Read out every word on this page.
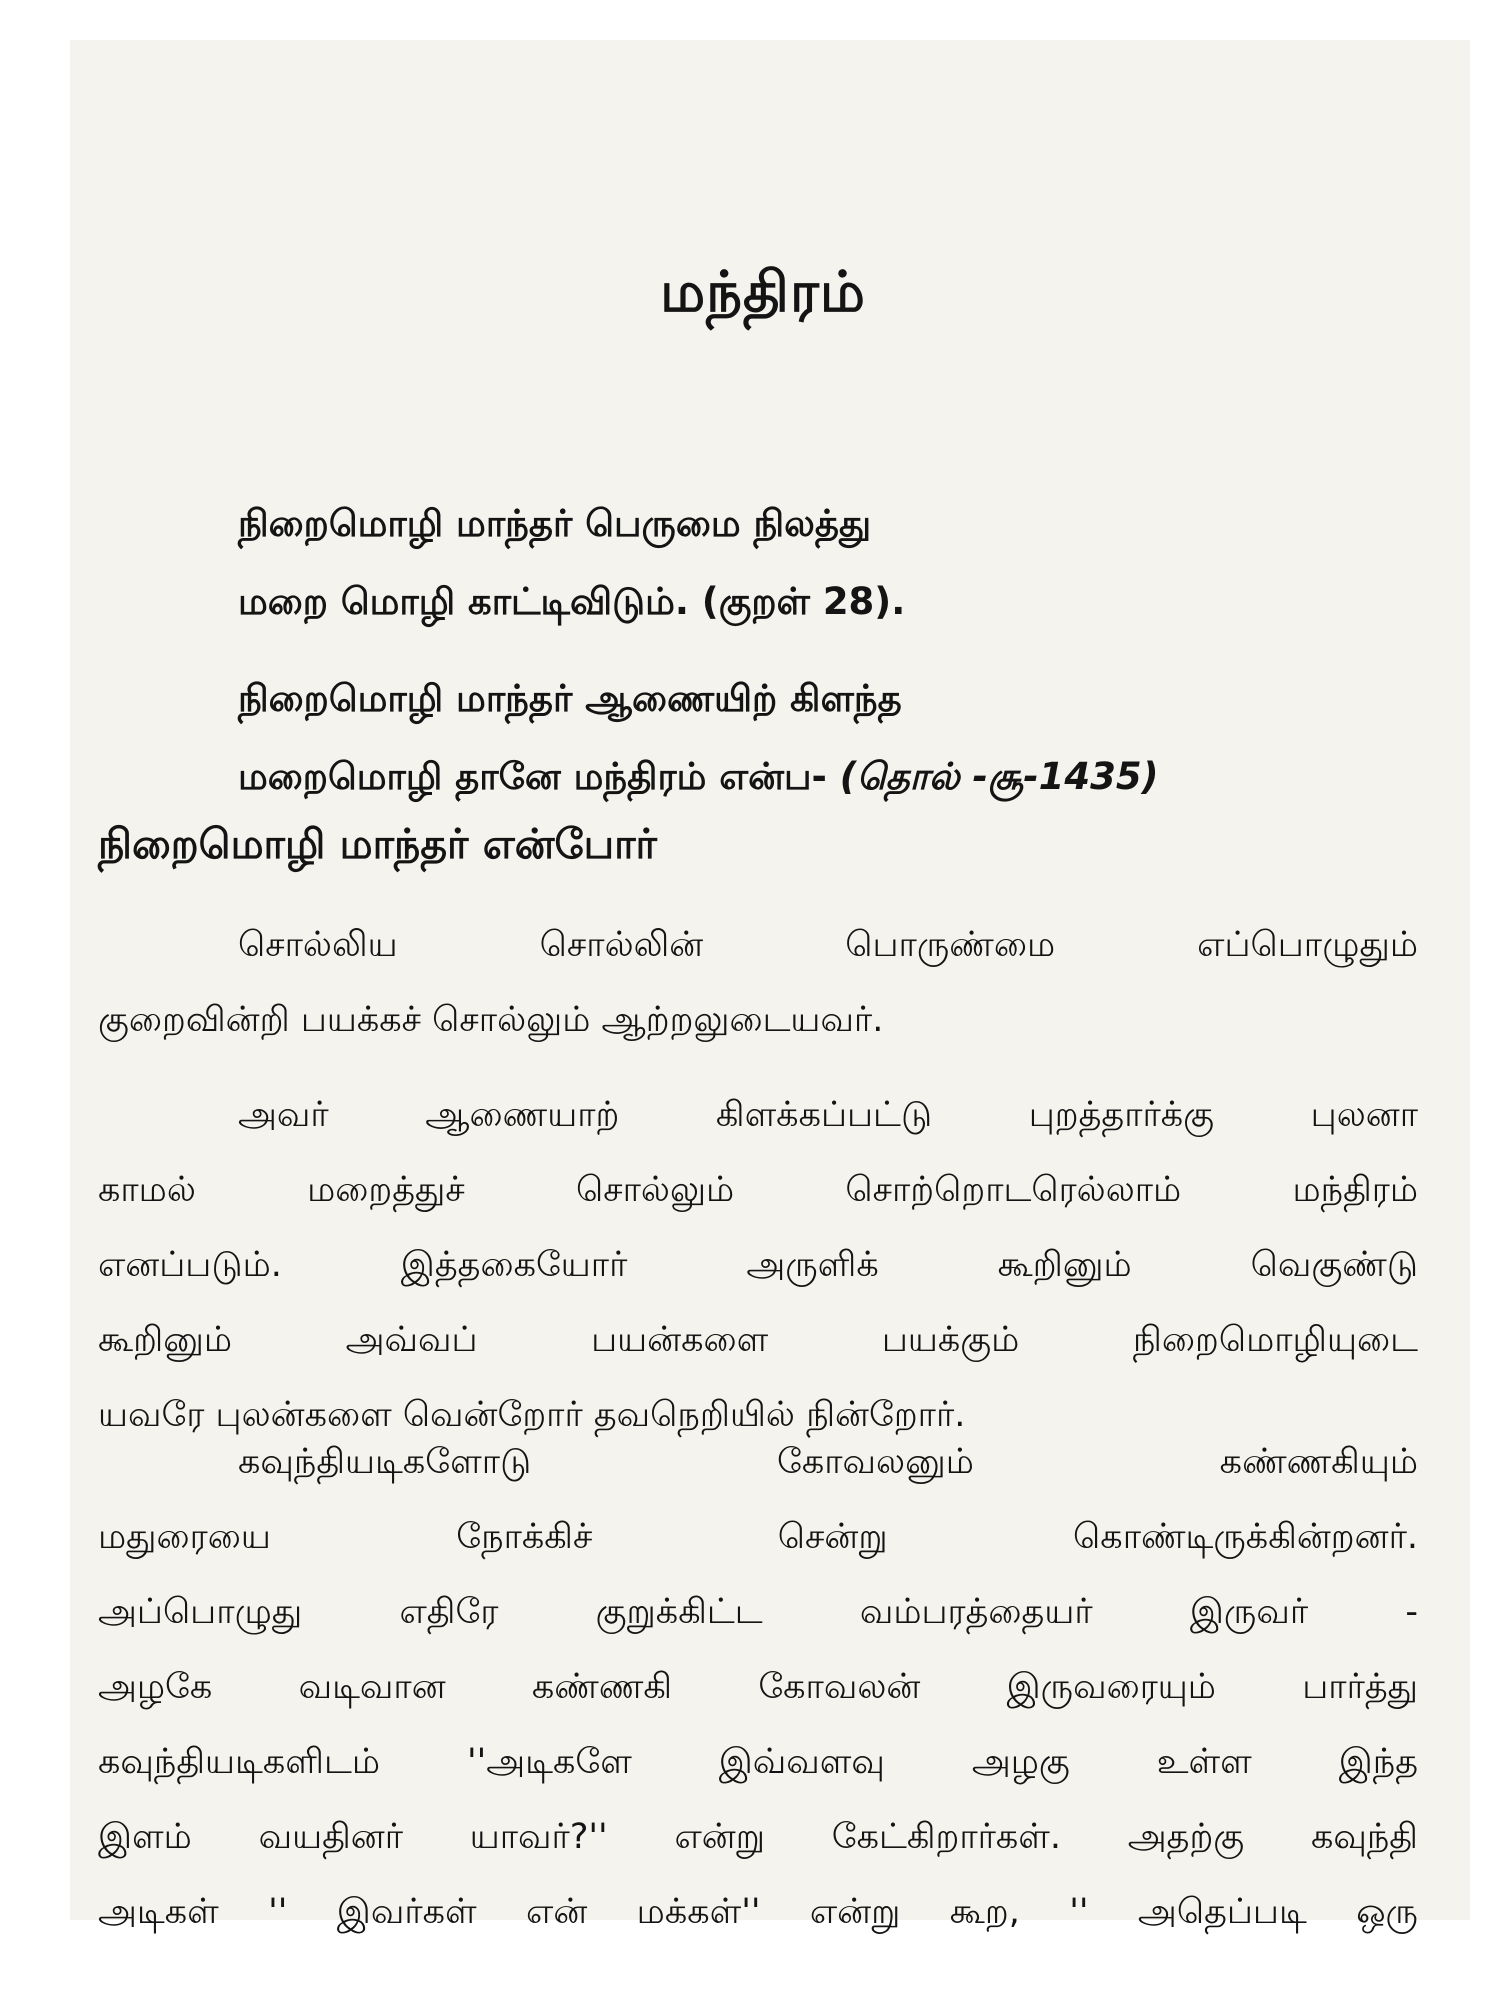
மந்திரம்
நிறைமொழி மாந்தர் பெருமை நிலத்து
மறை மொழி காட்டிவிடும். (குறள் 28).
நிறைமொழி மாந்தர் ஆணையிற் கிளந்த
மறைமொழி தானே மந்திரம் என்ப- (தொல் -சூ-1435)
நிறைமொழி மாந்தர் என்போர்
சொல்லிய சொல்லின் பொருண்மை எப்பொழுதும்
குறைவின்றி பயக்கச் சொல்லும் ஆற்றலுடையவர்.
அவர் ஆணையாற் கிளக்கப்பட்டு புறத்தார்க்கு புலனா
காமல் மறைத்துச் சொல்லும் சொற்றொடரெல்லாம் மந்திரம்
எனப்படும். இத்தகையோர் அருளிக் கூறினும் வெகுண்டு
கூறினும் அவ்வப் பயன்களை பயக்கும் நிறைமொழியுடை
யவரே புலன்களை வென்றோர் தவநெறியில் நின்றோர்.
கவுந்தியடிகளோடு கோவலனும் கண்ணகியும்
மதுரையை நோக்கிச் சென்று கொண்டிருக்கின்றனர்.
அப்பொழுது எதிரே குறுக்கிட்ட வம்பரத்தையர் இருவர் -
அழகே வடிவான கண்ணகி கோவலன் இருவரையும் பார்த்து
கவுந்தியடிகளிடம் ''அடிகளே இவ்வளவு அழகு உள்ள இந்த
இளம் வயதினர் யாவர்?'' என்று கேட்கிறார்கள். அதற்கு கவுந்தி
அடிகள் '' இவர்கள் என் மக்கள்'' என்று கூற, '' அதெப்படி ஒரு
